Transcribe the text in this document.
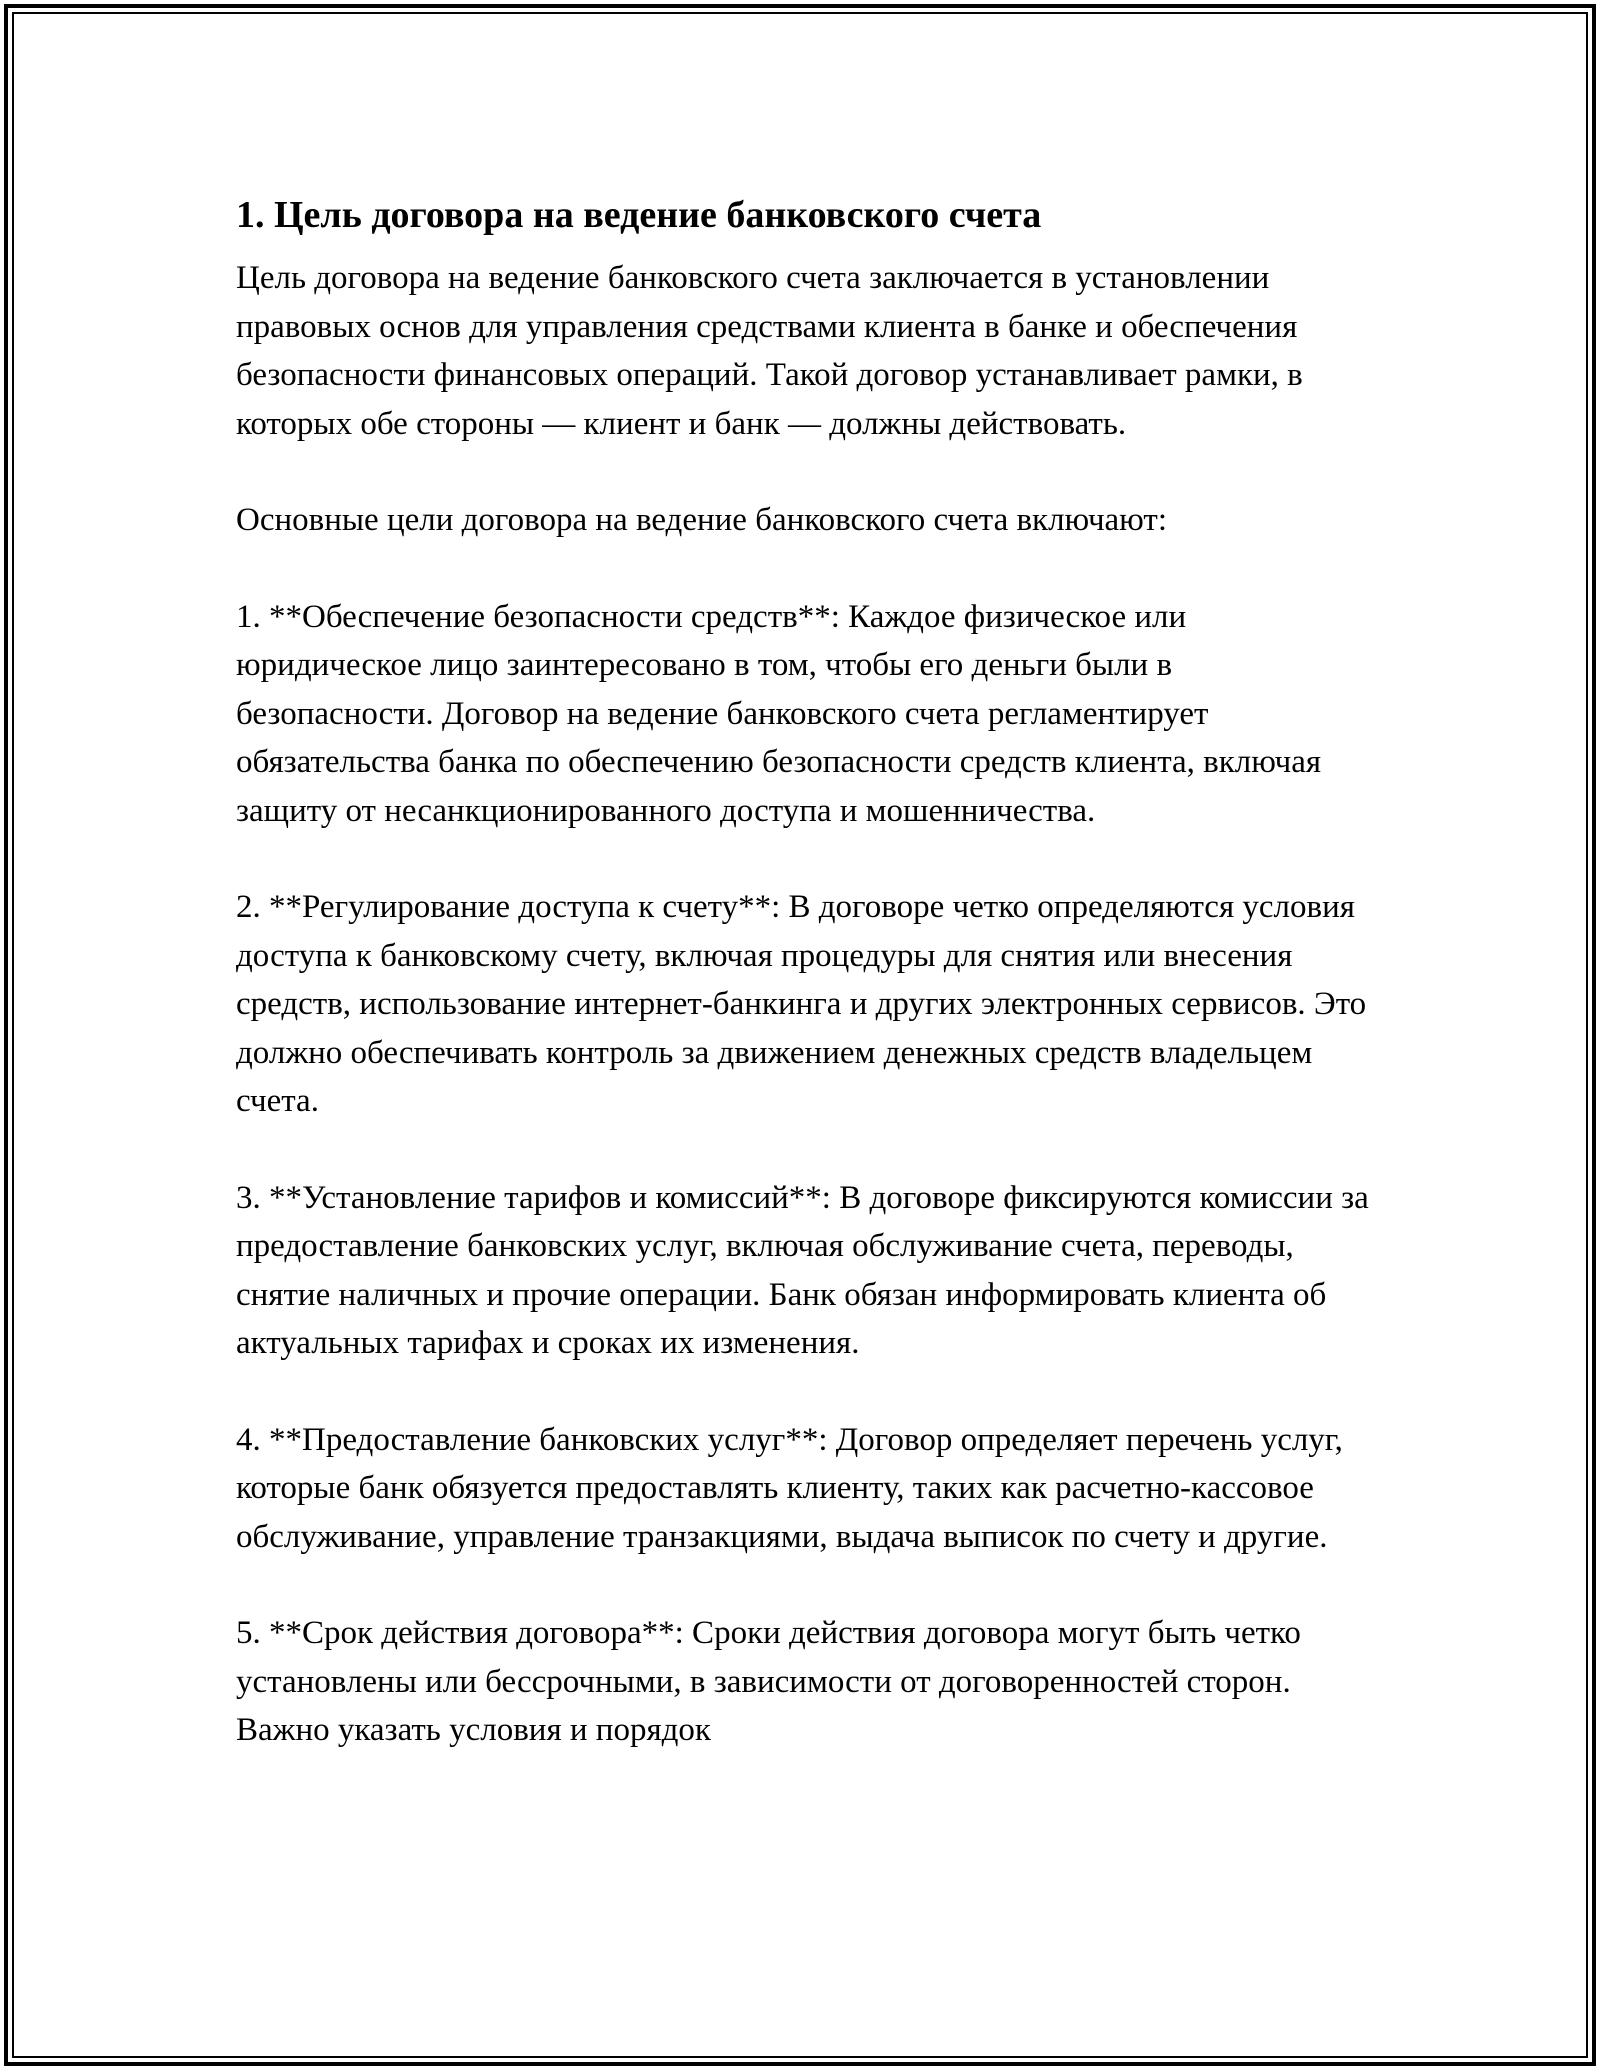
1. Цель договора на ведение банковского счета

Цель договора на ведение банковского счета заключается в установлении правовых основ для управления средствами клиента в банке и обеспечения безопасности финансовых операций. Такой договор устанавливает рамки, в которых обе стороны — клиент и банк — должны действовать.

Основные цели договора на ведение банковского счета включают:

1. **Обеспечение безопасности средств**: Каждое физическое или юридическое лицо заинтересовано в том, чтобы его деньги были в безопасности. Договор на ведение банковского счета регламентирует обязательства банка по обеспечению безопасности средств клиента, включая защиту от несанкционированного доступа и мошенничества.

2. **Регулирование доступа к счету**: В договоре четко определяются условия доступа к банковскому счету, включая процедуры для снятия или внесения средств, использование интернет-банкинга и других электронных сервисов. Это должно обеспечивать контроль за движением денежных средств владельцем счета.

3. **Установление тарифов и комиссий**: В договоре фиксируются комиссии за предоставление банковских услуг, включая обслуживание счета, переводы, снятие наличных и прочие операции. Банк обязан информировать клиента об актуальных тарифах и сроках их изменения.

4. **Предоставление банковских услуг**: Договор определяет перечень услуг, которые банк обязуется предоставлять клиенту, таких как расчетно-кассовое обслуживание, управление транзакциями, выдача выписок по счету и другие.

5. **Срок действия договора**: Сроки действия договора могут быть четко установлены или бессрочными, в зависимости от договоренностей сторон. Важно указать условия и порядок
